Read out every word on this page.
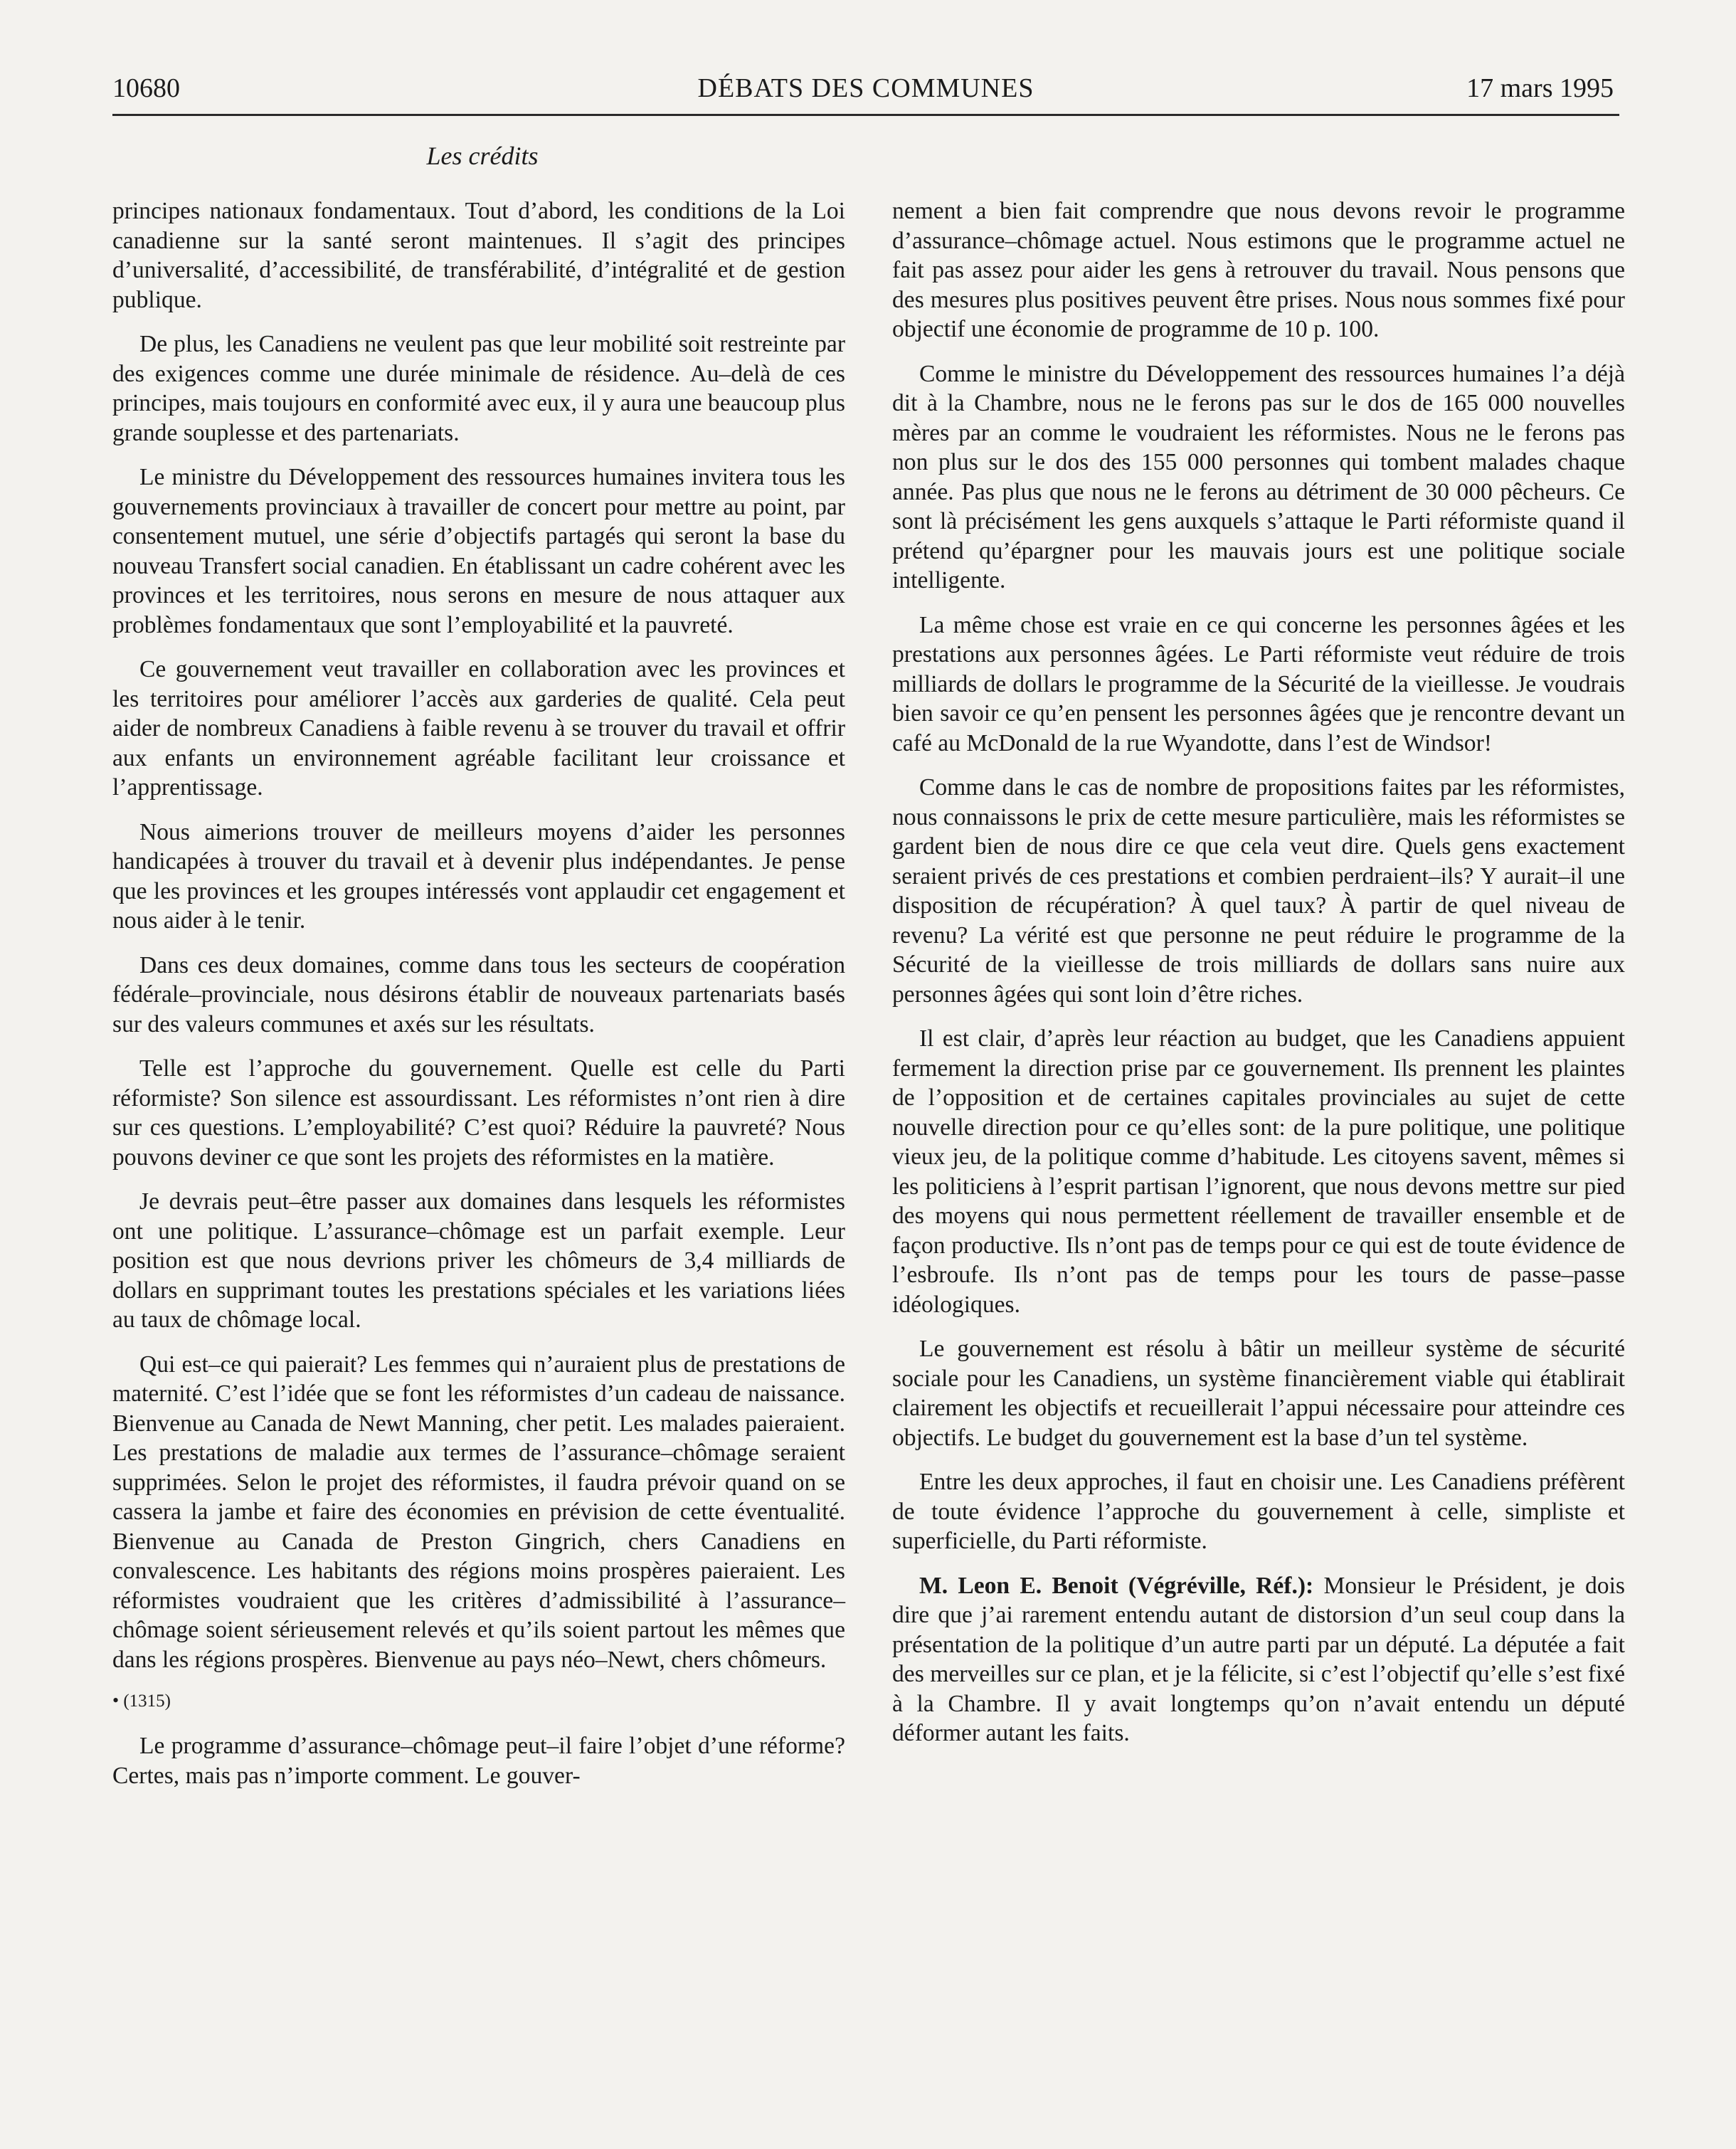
10680	DÉBATS DES COMMUNES	17 mars 1995
Les crédits

principes nationaux fondamentaux. Tout d’abord, les conditions de la Loi canadienne sur la santé seront maintenues. Il s’agit des principes d’universalité, d’accessibilité, de transférabilité, d’intégralité et de gestion publique.

De plus, les Canadiens ne veulent pas que leur mobilité soit restreinte par des exigences comme une durée minimale de résidence. Au–delà de ces principes, mais toujours en conformité avec eux, il y aura une beaucoup plus grande souplesse et des partenariats.

Le ministre du Développement des ressources humaines invitera tous les gouvernements provinciaux à travailler de concert pour mettre au point, par consentement mutuel, une série d’objectifs partagés qui seront la base du nouveau Transfert social canadien. En établissant un cadre cohérent avec les provinces et les territoires, nous serons en mesure de nous attaquer aux problèmes fondamentaux que sont l’employabilité et la pauvreté.

Ce gouvernement veut travailler en collaboration avec les provinces et les territoires pour améliorer l’accès aux garderies de qualité. Cela peut aider de nombreux Canadiens à faible revenu à se trouver du travail et offrir aux enfants un environnement agréable facilitant leur croissance et l’apprentissage.

Nous aimerions trouver de meilleurs moyens d’aider les personnes handicapées à trouver du travail et à devenir plus indépendantes. Je pense que les provinces et les groupes intéressés vont applaudir cet engagement et nous aider à le tenir.

Dans ces deux domaines, comme dans tous les secteurs de coopération fédérale–provinciale, nous désirons établir de nouveaux partenariats basés sur des valeurs communes et axés sur les résultats.

Telle est l’approche du gouvernement. Quelle est celle du Parti réformiste? Son silence est assourdissant. Les réformistes n’ont rien à dire sur ces questions. L’employabilité? C’est quoi? Réduire la pauvreté? Nous pouvons deviner ce que sont les projets des réformistes en la matière.

Je devrais peut–être passer aux domaines dans lesquels les réformistes ont une politique. L’assurance–chômage est un parfait exemple. Leur position est que nous devrions priver les chômeurs de 3,4 milliards de dollars en supprimant toutes les prestations spéciales et les variations liées au taux de chômage local.

Qui est–ce qui paierait? Les femmes qui n’auraient plus de prestations de maternité. C’est l’idée que se font les réformistes d’un cadeau de naissance. Bienvenue au Canada de Newt Manning, cher petit. Les malades paieraient. Les prestations de maladie aux termes de l’assurance–chômage seraient supprimées. Selon le projet des réformistes, il faudra prévoir quand on se cassera la jambe et faire des économies en prévision de cette éventualité. Bienvenue au Canada de Preston Gingrich, chers Canadiens en convalescence. Les habitants des régions moins prospères paieraient. Les réformistes voudraient que les critères d’admissibilité à l’assurance–chômage soient sérieusement relevés et qu’ils soient partout les mêmes que dans les régions prospères. Bienvenue au pays néo–Newt, chers chômeurs.

• (1315)

Le programme d’assurance–chômage peut–il faire l’objet d’une réforme? Certes, mais pas n’importe comment. Le gouver-

nement a bien fait comprendre que nous devons revoir le programme d’assurance–chômage actuel. Nous estimons que le programme actuel ne fait pas assez pour aider les gens à retrouver du travail. Nous pensons que des mesures plus positives peuvent être prises. Nous nous sommes fixé pour objectif une économie de programme de 10 p. 100.

Comme le ministre du Développement des ressources humaines l’a déjà dit à la Chambre, nous ne le ferons pas sur le dos de 165 000 nouvelles mères par an comme le voudraient les réformistes. Nous ne le ferons pas non plus sur le dos des 155 000 personnes qui tombent malades chaque année. Pas plus que nous ne le ferons au détriment de 30 000 pêcheurs. Ce sont là précisément les gens auxquels s’attaque le Parti réformiste quand il prétend qu’épargner pour les mauvais jours est une politique sociale intelligente.

La même chose est vraie en ce qui concerne les personnes âgées et les prestations aux personnes âgées. Le Parti réformiste veut réduire de trois milliards de dollars le programme de la Sécurité de la vieillesse. Je voudrais bien savoir ce qu’en pensent les personnes âgées que je rencontre devant un café au McDonald de la rue Wyandotte, dans l’est de Windsor!

Comme dans le cas de nombre de propositions faites par les réformistes, nous connaissons le prix de cette mesure particulière, mais les réformistes se gardent bien de nous dire ce que cela veut dire. Quels gens exactement seraient privés de ces prestations et combien perdraient–ils? Y aurait–il une disposition de récupération? À quel taux? À partir de quel niveau de revenu? La vérité est que personne ne peut réduire le programme de la Sécurité de la vieillesse de trois milliards de dollars sans nuire aux personnes âgées qui sont loin d’être riches.

Il est clair, d’après leur réaction au budget, que les Canadiens appuient fermement la direction prise par ce gouvernement. Ils prennent les plaintes de l’opposition et de certaines capitales provinciales au sujet de cette nouvelle direction pour ce qu’elles sont: de la pure politique, une politique vieux jeu, de la politique comme d’habitude. Les citoyens savent, mêmes si les politiciens à l’esprit partisan l’ignorent, que nous devons mettre sur pied des moyens qui nous permettent réellement de travailler ensemble et de façon productive. Ils n’ont pas de temps pour ce qui est de toute évidence de l’esbroufe. Ils n’ont pas de temps pour les tours de passe–passe idéologiques.

Le gouvernement est résolu à bâtir un meilleur système de sécurité sociale pour les Canadiens, un système financièrement viable qui établirait clairement les objectifs et recueillerait l’appui nécessaire pour atteindre ces objectifs. Le budget du gouvernement est la base d’un tel système.

Entre les deux approches, il faut en choisir une. Les Canadiens préfèrent de toute évidence l’approche du gouvernement à celle, simpliste et superficielle, du Parti réformiste.

M. Leon E. Benoit (Végréville, Réf.): Monsieur le Président, je dois dire que j’ai rarement entendu autant de distorsion d’un seul coup dans la présentation de la politique d’un autre parti par un député. La députée a fait des merveilles sur ce plan, et je la félicite, si c’est l’objectif qu’elle s’est fixé à la Chambre. Il y avait longtemps qu’on n’avait entendu un député déformer autant les faits.
